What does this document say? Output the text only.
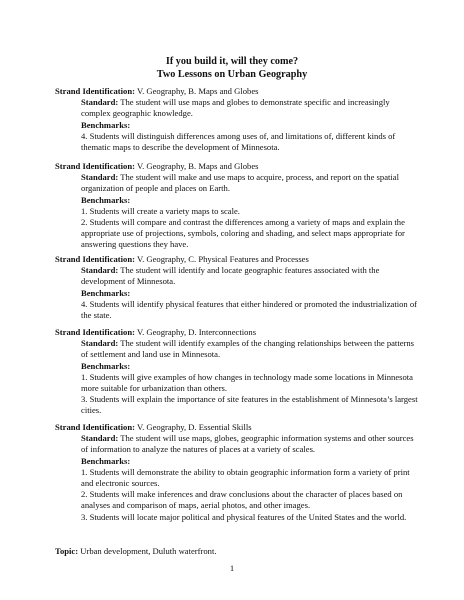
If you build it, will they come?
Two Lessons on Urban Geography
Strand Identification: V. Geography, B. Maps and Globes
Standard: The student will use maps and globes to demonstrate specific and increasingly complex geographic knowledge.
Benchmarks:
4. Students will distinguish differences among uses of, and limitations of, different kinds of thematic maps to describe the development of Minnesota.
Strand Identification: V. Geography, B. Maps and Globes
Standard: The student will make and use maps to acquire, process, and report on the spatial organization of people and places on Earth.
Benchmarks:
1. Students will create a variety maps to scale.
2. Students will compare and contrast the differences among a variety of maps and explain the appropriate use of projections, symbols, coloring and shading, and select maps appropriate for answering questions they have.
Strand Identification: V. Geography, C. Physical Features and Processes
Standard: The student will identify and locate geographic features associated with the development of Minnesota.
Benchmarks:
4. Students will identify physical features that either hindered or promoted the industrialization of the state.
Strand Identification: V. Geography, D. Interconnections
Standard: The student will identify examples of the changing relationships between the patterns of settlement and land use in Minnesota.
Benchmarks:
1. Students will give examples of how changes in technology made some locations in Minnesota more suitable for urbanization than others.
3. Students will explain the importance of site features in the establishment of Minnesota’s largest cities.
Strand Identification: V. Geography, D. Essential Skills
Standard: The student will use maps, globes, geographic information systems and other sources of information to analyze the natures of places at a variety of scales.
Benchmarks:
1. Students will demonstrate the ability to obtain geographic information form a variety of print and electronic sources.
2. Students will make inferences and draw conclusions about the character of places based on analyses and comparison of maps, aerial photos, and other images.
3. Students will locate major political and physical features of the United States and the world.
Topic: Urban development, Duluth waterfront.
1
